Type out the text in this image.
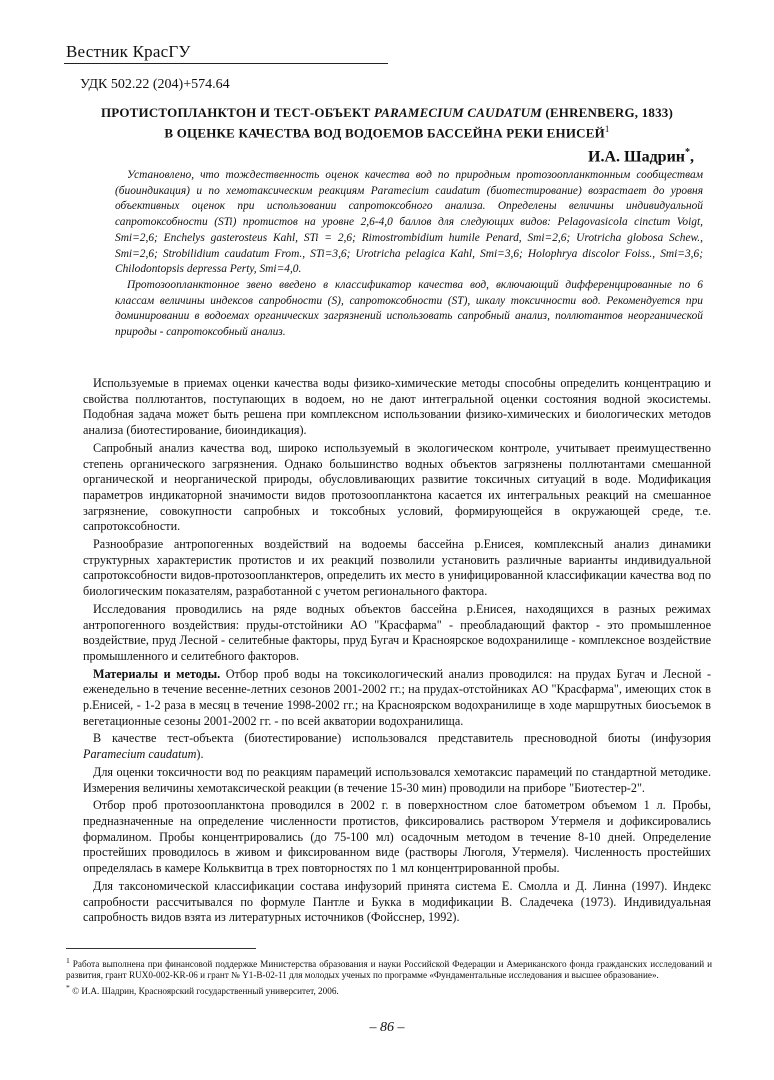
Вестник КрасГУ
УДК 502.22 (204)+574.64
ПРОТИСТОПЛАНКТОН И ТЕСТ-ОБЪЕКТ PARAMECIUM CAUDATUM (EHRENBERG, 1833)
В ОЦЕНКЕ КАЧЕСТВА ВОД ВОДОЕМОВ БАССЕЙНА РЕКИ ЕНИСЕЙ$^1$
И.А. Шадрин*,

Установлено, что тождественность оценок качества вод по природным протозоопланктонным сообществам (биоиндикация) и по хемотаксическим реакциям Paramecium caudatum (биотестирование) возрастает до уровня объективных оценок при использовании сапротоксобного анализа. Определены величины индивидуальной сапротоксобности (STi) протистов на уровне 2,6-4,0 баллов для следующих видов: Pelagovasicola cinctum Voigt, Smi=2,6; Enchelys gasterosteus Kahl, STi = 2,6; Rimostrombidium humile Penard, Smi=2,6; Urotricha globosa Schew., Smi=2,6; Strobilidium caudatum From., STi=3,6; Urotricha pelagica Kahl, Smi=3,6; Holophrya discolor Foiss., Smi=3,6; Chilodontopsis depressa Perty, Smi=4,0.

Протозоопланктонное звено введено в классификатор качества вод, включающий дифференцированные по 6 классам величины индексов сапробности (S), сапротоксобности (ST), шкалу токсичности вод. Рекомендуется при доминировании в водоемах органических загрязнений использовать сапробный анализ, поллютантов неорганической природы - сапротоксобный анализ.

Используемые в приемах оценки качества воды физико-химические методы способны определить концентрацию и свойства поллютантов, поступающих в водоем, но не дают интегральной оценки состояния водной экосистемы. Подобная задача может быть решена при комплексном использовании физико-химических и биологических методов анализа (биотестирование, биоиндикация).

Сапробный анализ качества вод, широко используемый в экологическом контроле, учитывает преимущественно степень органического загрязнения. Однако большинство водных объектов загрязнены поллютантами смешанной органической и неорганической природы, обусловливающих развитие токсичных ситуаций в воде. Модификация параметров индикаторной значимости видов протозоопланктона касается их интегральных реакций на смешанное загрязнение, совокупности сапробных и токсобных условий, формирующейся в окружающей среде, т.е. сапротоксобности.

Разнообразие антропогенных воздействий на водоемы бассейна р.Енисея, комплексный анализ динамики структурных характеристик протистов и их реакций позволили установить различные варианты индивидуальной сапротоксобности видов-протозоопланктеров, определить их место в унифицированной классификации качества вод по биологическим показателям, разработанной с учетом регионального фактора.

Исследования проводились на ряде водных объектов бассейна р.Енисея, находящихся в разных режимах антропогенного воздействия: пруды-отстойники АО "Красфарма" - преобладающий фактор - это промышленное воздействие, пруд Лесной - селитебные факторы, пруд Бугач и Красноярское водохранилище - комплексное воздействие промышленного и селитебного факторов.

Материалы и методы. Отбор проб воды на токсикологический анализ проводился: на прудах Бугач и Лесной - еженедельно в течение весенне-летних сезонов 2001-2002 гг.; на прудах-отстойниках АО "Красфарма", имеющих сток в р.Енисей, - 1-2 раза в месяц в течение 1998-2002 гг.; на Красноярском водохранилище в ходе маршрутных биосъемок в вегетационные сезоны 2001-2002 гг. - по всей акватории водохранилища.

В качестве тест-объекта (биотестирование) использовался представитель пресноводной биоты (инфузория Paramecium caudatum).

Для оценки токсичности вод по реакциям парамеций использовался хемотаксис парамеций по стандартной методике. Измерения величины хемотаксической реакции (в течение 15-30 мин) проводили на приборе "Биотестер-2".

Отбор проб протозоопланктона проводился в 2002 г. в поверхностном слое батометром объемом 1 л. Пробы, предназначенные на определение численности протистов, фиксировались раствором Утермеля и дофиксировались формалином. Пробы концентрировались (до 75-100 мл) осадочным методом в течение 8-10 дней. Определение простейших проводилось в живом и фиксированном виде (растворы Люголя, Утермеля). Численность простейших определялась в камере Кольквитца в трех повторностях по 1 мл концентрированной пробы.

Для таксономической классификации состава инфузорий принята система Е. Смолла и Д. Линна (1997). Индекс сапробности рассчитывался по формуле Пантле и Букка в модификации В. Сладечека (1973). Индивидуальная сапробность видов взята из литературных источников (Фойсснер, 1992).

$^1$ Работа выполнена при финансовой поддержке Министерства образования и науки Российской Федерации и Американского фонда гражданских исследований и развития, грант RUX0-002-KR-06 и грант № Y1-B-02-11 для молодых ученых по программе «Фундаментальные исследования и высшее образование».

* © И.А. Шадрин, Красноярский государственный университет, 2006.

– 86 –
